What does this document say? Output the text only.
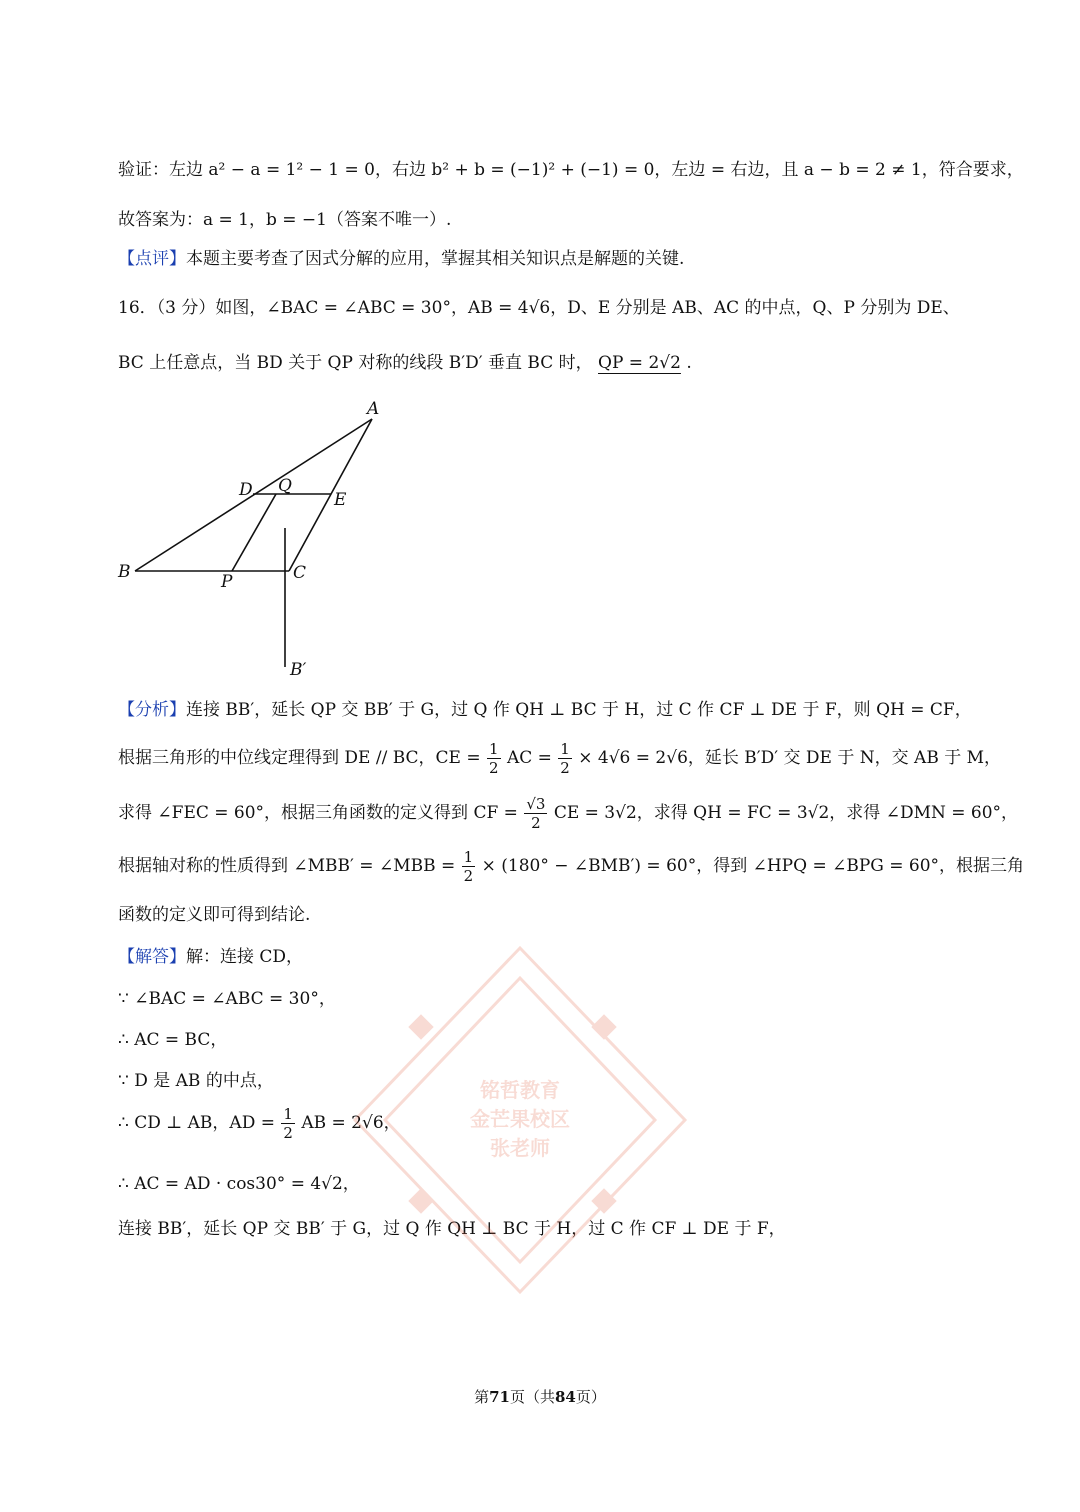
验证：左边 a² − a = 1² − 1 = 0，右边 b² + b = (−1)² + (−1) = 0，左边 = 右边，且 a − b = 2 ≠ 1，符合要求，
故答案为：a = 1，b = −1（答案不唯一）.
【点评】本题主要考查了因式分解的应用，掌握其相关知识点是解题的关键.
16．（3 分）如图，∠BAC = ∠ABC = 30°，AB = 4√6，D、E 分别是 AB、AC 的中点，Q、P 分别为 DE、
BC 上任意点，当 BD 关于 QP 对称的线段 B′D′ 垂直 BC 时， QP = 2√2 .
A
B	C
D Q
E
P
B′
【分析】连接 BB′，延长 QP 交 BB′ 于 G，过 Q 作 QH ⊥ BC 于 H，过 C 作 CF ⊥ DE 于 F，则 QH = CF，
根据三角形的中位线定理得到 DE // BC，CE = $\frac{1}{2}$ AC = $\frac{1}{2} \times 4√6 = 2√6$，延长 B′D′ 交 DE 于 N，交 AB 于 M，
求得 ∠FEC = 60°，根据三角函数的定义得到 CF = $\frac{√3}{2}$ CE = 3√2，求得 QH = FC = 3√2，求得 ∠DMN = 60°，
根据轴对称的性质得到 ∠MBB′ = ∠MBB = $\frac{1}{2} \times (180^\circ$ − ∠BMB′) = 60°，得到 ∠HPQ = ∠BPG = 60°，根据三角
函数的定义即可得到结论.
【解答】解：连接 CD，
∵ ∠BAC = ∠ABC = 30°，
∴ AC = BC，
∵ D 是 AB 的中点，
∴ CD ⊥ AB，AD = $\frac{1}{2}$ AB = 2√6，
∴ AC = AD · cos30° = 4√2，
连接 BB′，延长 QP 交 BB′ 于 G，过 Q 作 QH ⊥ BC 于 H，过 C 作 CF ⊥ DE 于 F，
铭哲教育
金芒果校区
张老师
第71页（共84页）
